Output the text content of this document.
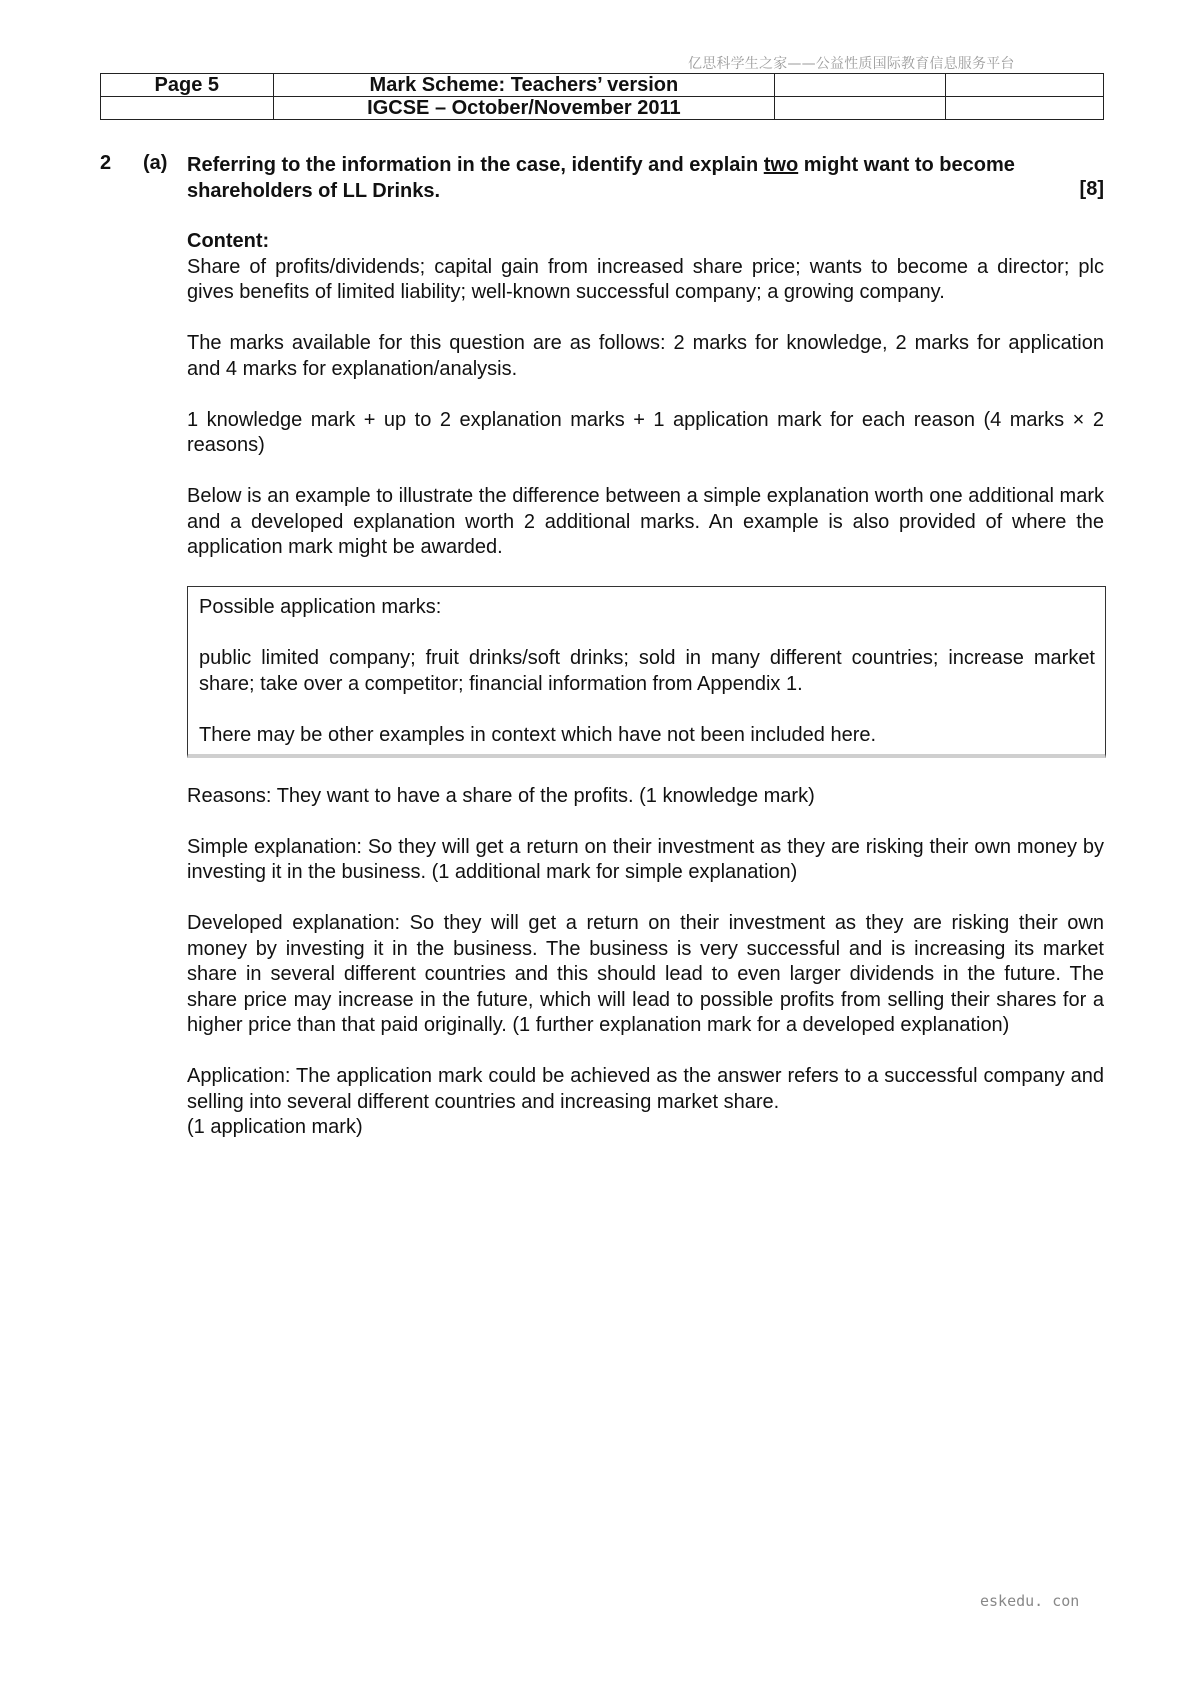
亿思科学生之家——公益性质国际教育信息服务平台
Page 5	Mark Scheme: Teachers’ version		
	IGCSE – October/November 2011		
2 (a) Referring to the information in the case, identify and explain two might want to become shareholders of LL Drinks.	[8]

Content:

Share of profits/dividends; capital gain from increased share price; wants to become a director; plc gives benefits of limited liability; well-known successful company; a growing company.

The marks available for this question are as follows: 2 marks for knowledge, 2 marks for application and 4 marks for explanation/analysis.

1 knowledge mark + up to 2 explanation marks + 1 application mark for each reason (4 marks × 2 reasons)

Below is an example to illustrate the difference between a simple explanation worth one additional mark and a developed explanation worth 2 additional marks. An example is also provided of where the application mark might be awarded.

Possible application marks:

public limited company; fruit drinks/soft drinks; sold in many different countries; increase market share; take over a competitor; financial information from Appendix 1.

There may be other examples in context which have not been included here.

Reasons: They want to have a share of the profits. (1 knowledge mark)

Simple explanation: So they will get a return on their investment as they are risking their own money by investing it in the business. (1 additional mark for simple explanation)

Developed explanation: So they will get a return on their investment as they are risking their own money by investing it in the business. The business is very successful and is increasing its market share in several different countries and this should lead to even larger dividends in the future. The share price may increase in the future, which will lead to possible profits from selling their shares for a higher price than that paid originally. (1 further explanation mark for a developed explanation)

Application: The application mark could be achieved as the answer refers to a successful company and selling into several different countries and increasing market share.

(1 application mark)

eskedu. con
